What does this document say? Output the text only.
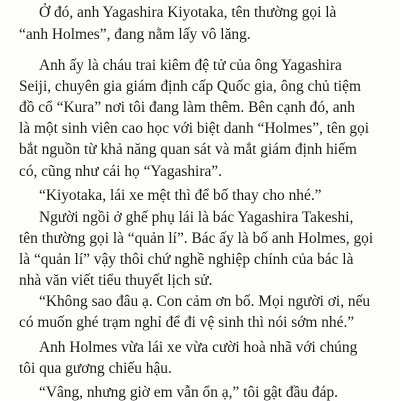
Ở đó, anh Yagashira Kiyotaka, tên thường gọi là
“anh Holmes”, đang nằm lấy vô lăng.
Anh ấy là cháu trai kiêm đệ tử của ông Yagashira
Seiji, chuyên gia giám định cấp Quốc gia, ông chủ tiệm
đồ cổ “Kura” nơi tôi đang làm thêm. Bên cạnh đó, anh
là một sinh viên cao học với biệt danh “Holmes”, tên gọi
bắt nguồn từ khả năng quan sát và mắt giám định hiếm
có, cũng như cái họ “Yagashira”.
“Kiyotaka, lái xe mệt thì để bố thay cho nhé.”
Người ngồi ở ghế phụ lái là bác Yagashira Takeshi,
tên thường gọi là “quản lí”. Bác ấy là bố anh Holmes, gọi
là “quản lí” vậy thôi chứ nghề nghiệp chính của bác là
nhà văn viết tiểu thuyết lịch sử.
“Không sao đâu ạ. Con cảm ơn bố. Mọi người ơi, nếu
có muốn ghé trạm nghỉ để đi vệ sinh thì nói sớm nhé.”
Anh Holmes vừa lái xe vừa cười hoà nhã với chúng
tôi qua gương chiếu hậu.
“Vâng, nhưng giờ em vẫn ổn ạ,” tôi gật đầu đáp.
